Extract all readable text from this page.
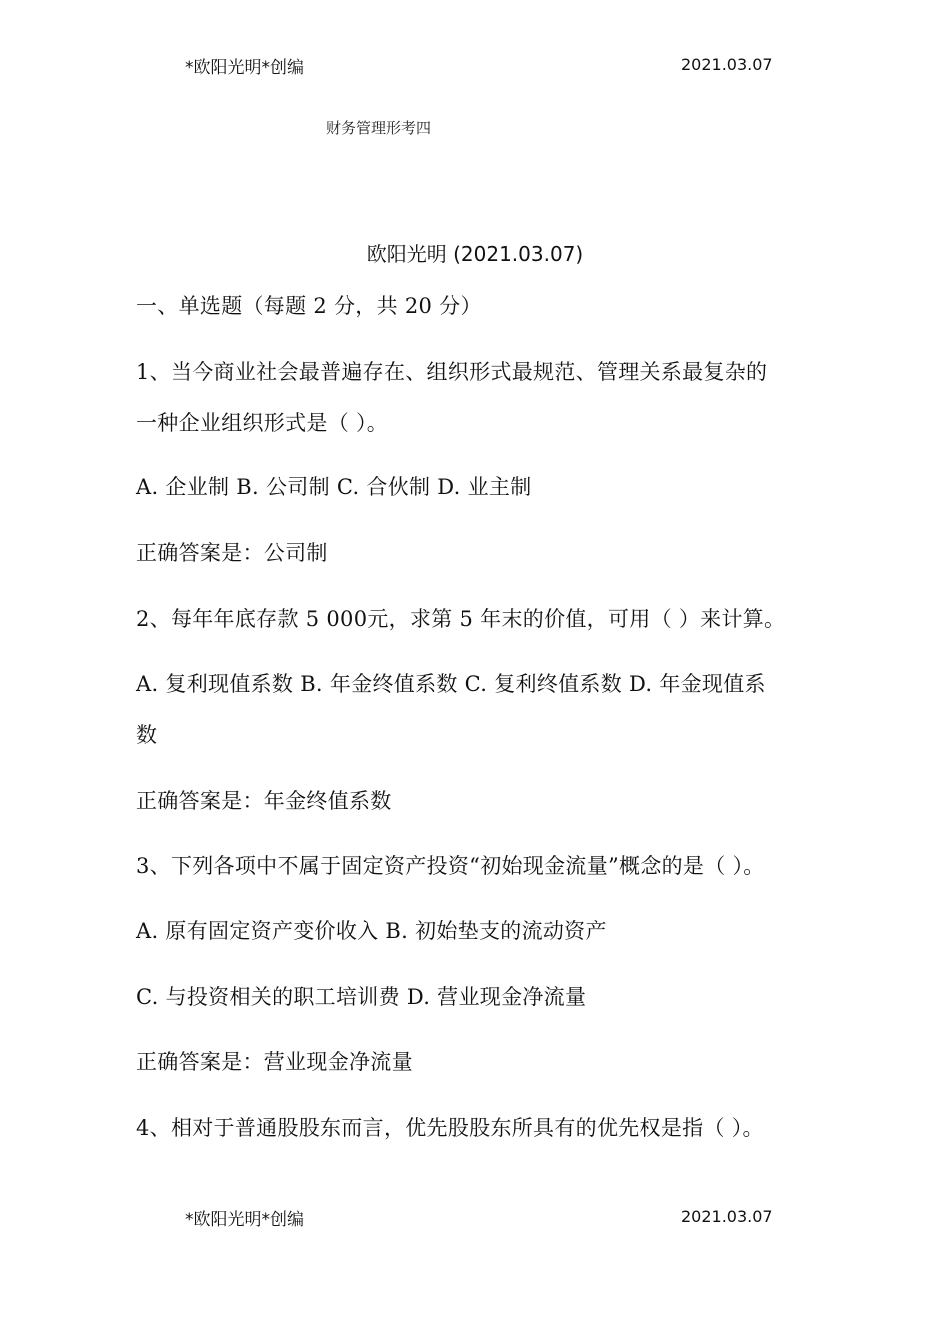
*欧阳光明*创编	2021.03.07
财务管理形考四
欧阳光明 (2021.03.07)
一、单选题（每题 2 分，共 20 分）
1、当今商业社会最普遍存在、组织形式最规范、管理关系最复杂的
一种企业组织形式是（ ）。
A. 企业制 B. 公司制 C. 合伙制 D. 业主制
正确答案是：公司制
2、每年年底存款 5 000元，求第 5 年末的价值，可用（ ）来计算。
A. 复利现值系数 B. 年金终值系数 C. 复利终值系数 D. 年金现值系
数
正确答案是：年金终值系数
3、下列各项中不属于固定资产投资“初始现金流量”概念的是（ ）。
A. 原有固定资产变价收入 B. 初始垫支的流动资产
C. 与投资相关的职工培训费 D. 营业现金净流量
正确答案是：营业现金净流量
4、相对于普通股股东而言，优先股股东所具有的优先权是指（ ）。
*欧阳光明*创编	2021.03.07
